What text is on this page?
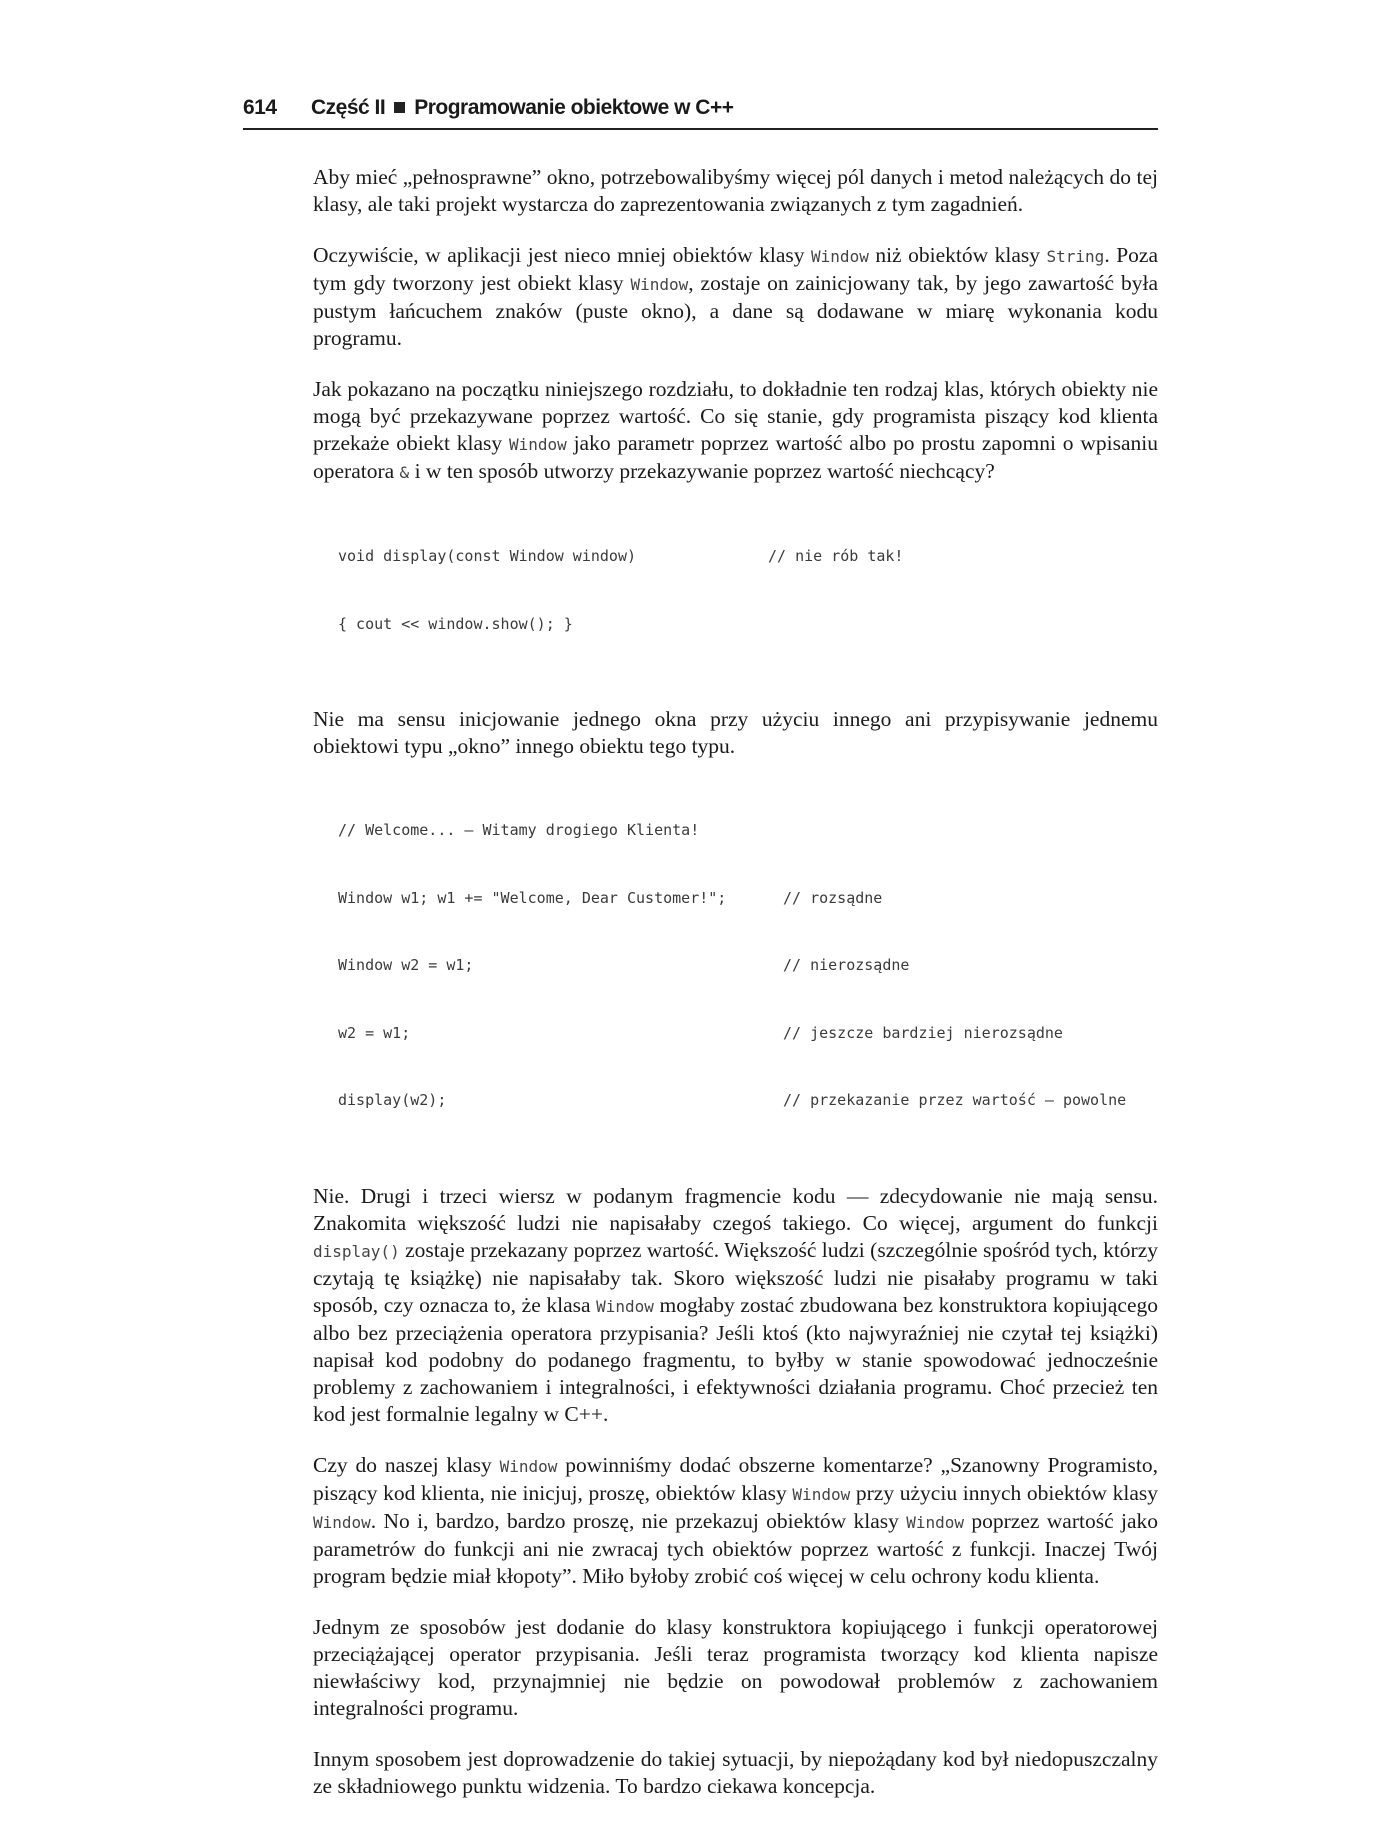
614 Część II Programowanie obiektowe w C++

Aby mieć „pełnosprawne” okno, potrzebowalibyśmy więcej pól danych i metod należących do tej klasy, ale taki projekt wystarcza do zaprezentowania związanych z tym zagadnień.

Oczywiście, w aplikacji jest nieco mniej obiektów klasy Window niż obiektów klasy String. Poza tym gdy tworzony jest obiekt klasy Window, zostaje on zainicjowany tak, by jego zawartość była pustym łańcuchem znaków (puste okno), a dane są dodawane w miarę wykonania kodu programu.

Jak pokazano na początku niniejszego rozdziału, to dokładnie ten rodzaj klas, których obiekty nie mogą być przekazywane poprzez wartość. Co się stanie, gdy programista piszący kod klienta przekaże obiekt klasy Window jako parametr poprzez wartość albo po prostu zapomni o wpisaniu operatora & i w ten sposób utworzy przekazywanie poprzez wartość niechcący?

void display(const Window window)	// nie rób tak!

{ cout << window.show(); }

Nie ma sensu inicjowanie jednego okna przy użyciu innego ani przypisywanie jednemu obiektowi typu „okno” innego obiektu tego typu.

// Welcome... — Witamy drogiego Klienta!

Window w1; w1 += "Welcome, Dear Customer!";	// rozsądne

Window w2 = w1;	// nierozsądne

w2 = w1;	// jeszcze bardziej nierozsądne

display(w2);	// przekazanie przez wartość — powolne

Nie. Drugi i trzeci wiersz w podanym fragmencie kodu — zdecydowanie nie mają sensu. Znakomita większość ludzi nie napisałaby czegoś takiego. Co więcej, argument do funkcji display() zostaje przekazany poprzez wartość. Większość ludzi (szczególnie spośród tych, którzy czytają tę książkę) nie napisałaby tak. Skoro większość ludzi nie pisałaby programu w taki sposób, czy oznacza to, że klasa Window mogłaby zostać zbudowana bez konstruktora kopiującego albo bez przeciążenia operatora przypisania? Jeśli ktoś (kto najwyraźniej nie czytał tej książki) napisał kod podobny do podanego fragmentu, to byłby w stanie spowodować jednocześnie problemy z zachowaniem i integralności, i efektywności działania programu. Choć przecież ten kod jest formalnie legalny w C++.

Czy do naszej klasy Window powinniśmy dodać obszerne komentarze? „Szanowny Programisto, piszący kod klienta, nie inicjuj, proszę, obiektów klasy Window przy użyciu innych obiektów klasy Window. No i, bardzo, bardzo proszę, nie przekazuj obiektów klasy Window poprzez wartość jako parametrów do funkcji ani nie zwracaj tych obiektów poprzez wartość z funkcji. Inaczej Twój program będzie miał kłopoty”. Miło byłoby zrobić coś więcej w celu ochrony kodu klienta.

Jednym ze sposobów jest dodanie do klasy konstruktora kopiującego i funkcji operatorowej przeciążającej operator przypisania. Jeśli teraz programista tworzący kod klienta napisze niewłaściwy kod, przynajmniej nie będzie on powodował problemów z zachowaniem integralności programu.

Innym sposobem jest doprowadzenie do takiej sytuacji, by niepożądany kod był niedopuszczalny ze składniowego punktu widzenia. To bardzo ciekawa koncepcja.
